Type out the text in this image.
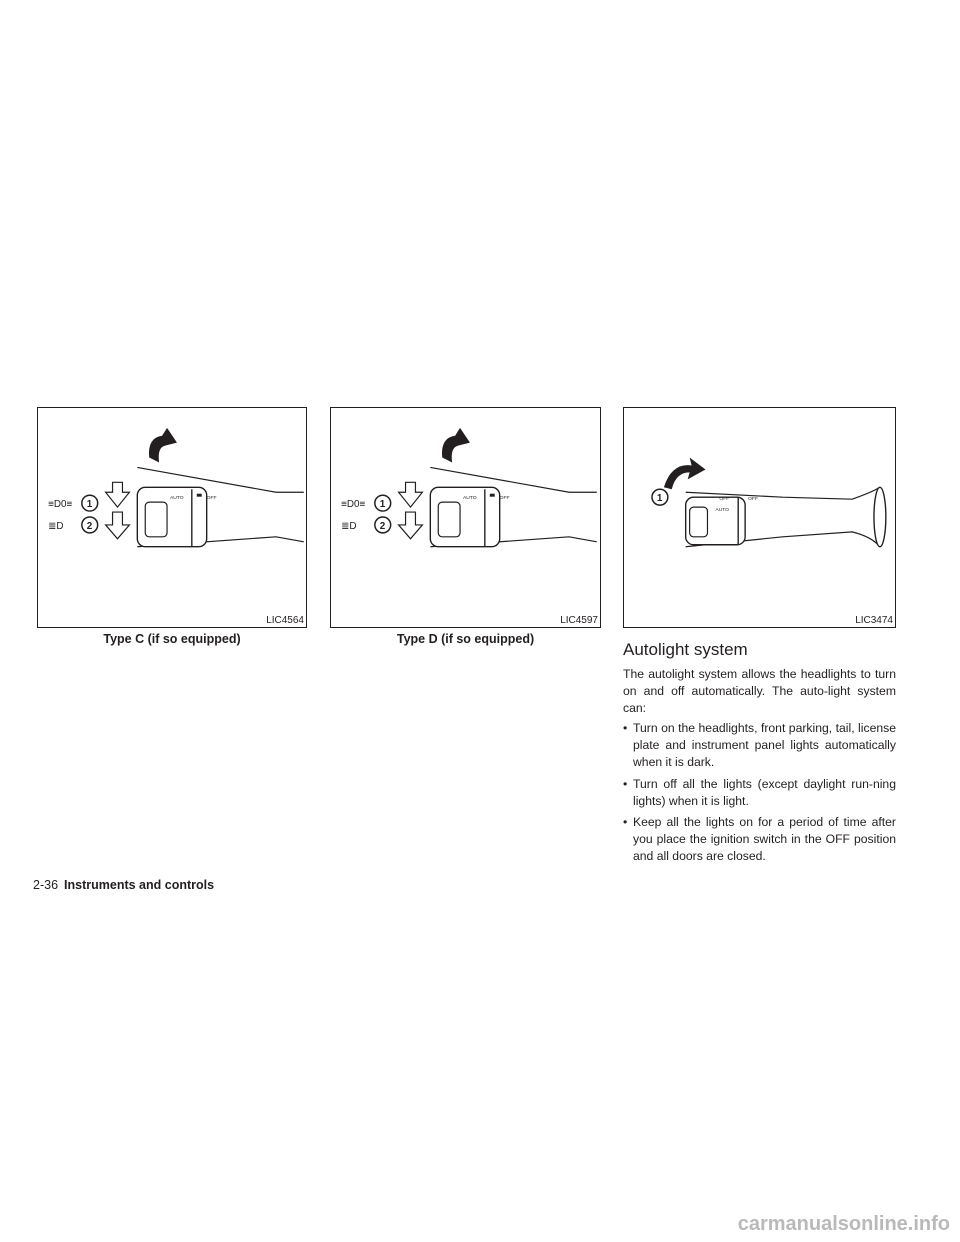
AUTO	OFF
1
2
≡D0≡
≣D
LIC4564
Type C (if so equipped)
AUTO	OFF
1
2
≡D0≡
≣D
LIC4597
Type D (if so equipped)
OFF
AUTO
OFF
1
LIC3474
Autolight system

The autolight system allows the headlights to turn on and off automatically. The auto-light system can:

• Turn on the headlights, front parking, tail, license plate and instrument panel lights automatically when it is dark.
• Turn off all the lights (except daylight run-ning lights) when it is light.
• Keep all the lights on for a period of time after you place the ignition switch in the OFF position and all doors are closed.
2-36 Instruments and controls
carmanualsonline.info
